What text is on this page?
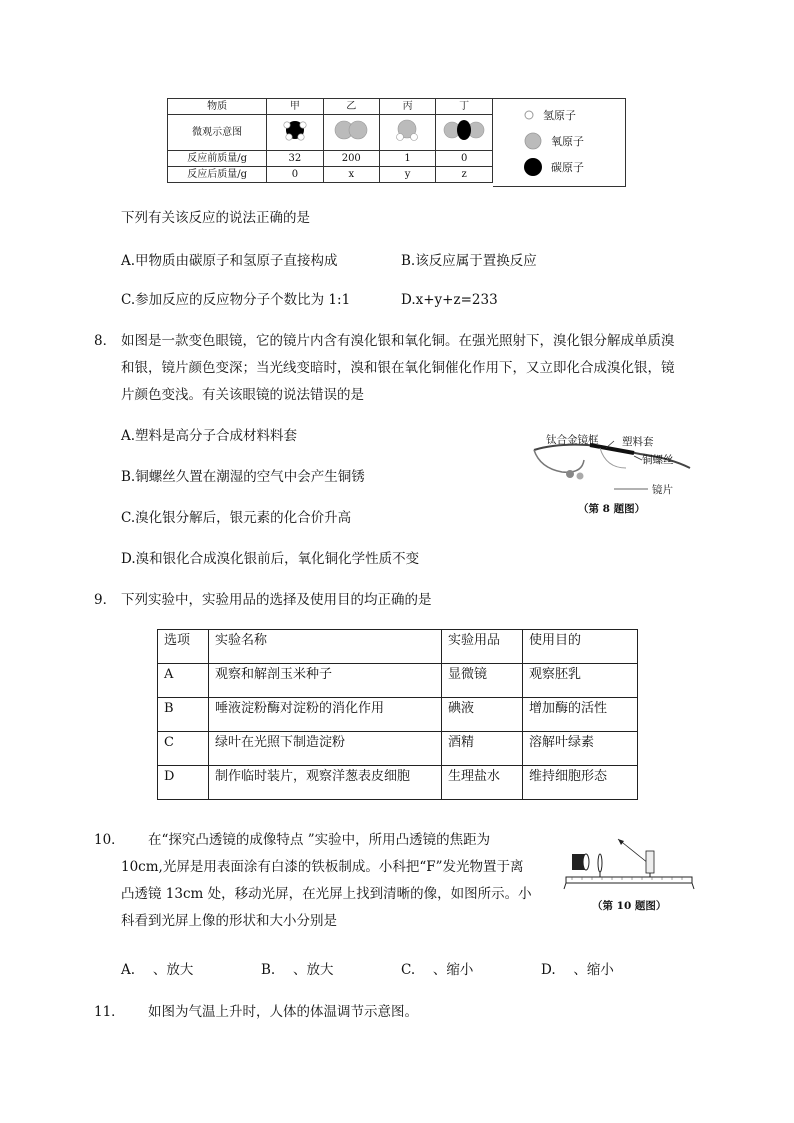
物质	甲	乙	丙	丁
微观示意图				
反应前质量/g	32	200	1	0
反应后质量/g	0	x	y	z
氢原子
氧原子
碳原子
下列有关该反应的说法正确的是
A.甲物质由碳原子和氢原子直接构成	B.该反应属于置换反应
C.参加反应的反应物分子个数比为 1:1	D.x+y+z=233
8． 如图是一款变色眼镜，它的镜片内含有溴化银和氧化铜。在强光照射下，溴化银分解成单质溴
和银，镜片颜色变深；当光线变暗时，溴和银在氧化铜催化作用下，又立即化合成溴化银，镜
片颜色变浅。有关该眼镜的说法错误的是
A.塑料是高分子合成材料料套
B.铜螺丝久置在潮湿的空气中会产生铜锈
C.溴化银分解后，银元素的化合价升高
D.溴和银化合成溴化银前后，氧化铜化学性质不变
钛合金镜框 塑料套
铜螺丝
镜片
（第 8 题图）
9． 下列实验中，实验用品的选择及使用目的均正确的是
选项	实验名称	实验用品	使用目的
A	观察和解剖玉米种子	显微镜	观察胚乳
B	唾液淀粉酶对淀粉的消化作用	碘液	增加酶的活性
C	绿叶在光照下制造淀粉	酒精	溶解叶绿素
D	制作临时装片，观察洋葱表皮细胞	生理盐水	维持细胞形态
10． 在“探究凸透镜的成像特点 ”实验中，所用凸透镜的焦距为
10cm,光屏是用表面涂有白漆的铁板制成。小科把“F”发光物置于离
凸透镜 13cm 处，移动光屏，在光屏上找到清晰的像，如图所示。小
科看到光屏上像的形状和大小分别是
A.　 、放大	B.　 、放大	C.　 、缩小	D.　 、缩小
（第 10 题图）
11． 如图为气温上升时，人体的体温调节示意图。
